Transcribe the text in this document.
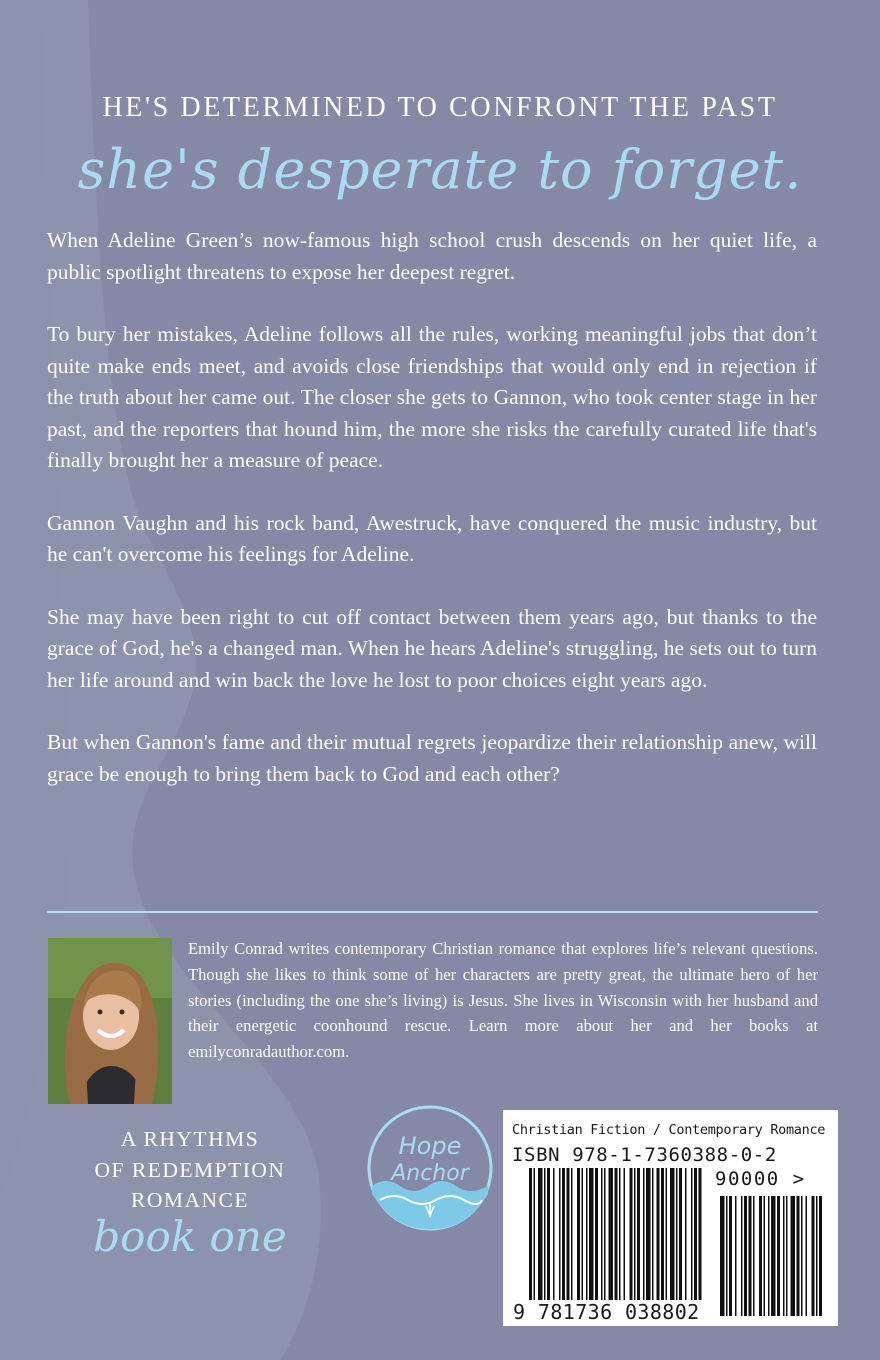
HE'S DETERMINED TO CONFRONT THE PAST
she's desperate to forget.

When Adeline Green’s now-famous high school crush descends on her quiet life, a public spotlight threatens to expose her deepest regret.

To bury her mistakes, Adeline follows all the rules, working meaningful jobs that don’t quite make ends meet, and avoids close friendships that would only end in rejection if the truth about her came out. The closer she gets to Gannon, who took center stage in her past, and the reporters that hound him, the more she risks the carefully curated life that's finally brought her a measure of peace.

Gannon Vaughn and his rock band, Awestruck, have conquered the music industry, but he can't overcome his feelings for Adeline.

She may have been right to cut off contact between them years ago, but thanks to the grace of God, he's a changed man. When he hears Adeline's struggling, he sets out to turn her life around and win back the love he lost to poor choices eight years ago.

But when Gannon's fame and their mutual regrets jeopardize their relationship anew, will grace be enough to bring them back to God and each other?

Emily Conrad writes contemporary Christian romance that explores life’s relevant questions. Though she likes to think some of her characters are pretty great, the ultimate hero of her stories (including the one she’s living) is Jesus. She lives in Wisconsin with her husband and their energetic coonhound rescue. Learn more about her and her books at emilyconradauthor.com.
A RHYTHMS
OF REDEMPTION
ROMANCE
book one
Hope
Anchor
Christian Fiction / Contemporary Romance
ISBN 978-1-7360388-0-2
90000 >
9 781736 038802
